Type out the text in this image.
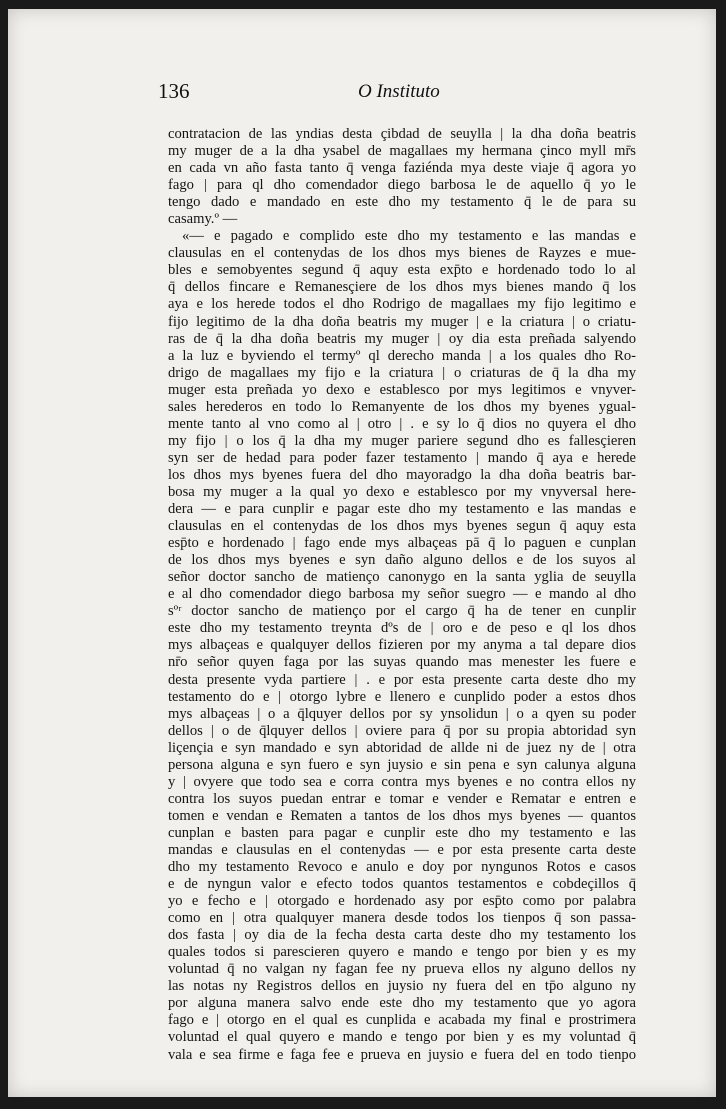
136	O Instituto
contratacion de las yndias desta çibdad de seuylla | la dha doña beatris
my muger de a la dha ysabel de magallaes my hermana çinco myll mr̄s
en cada vn año fasta tanto q̄ venga faziénda mya deste viaje q̄ agora yo
fago | para ql dho comendador diego barbosa le de aquello q̄ yo le
tengo dado e mandado en este dho my testamento q̄ le de para su
casamy.º —
«— e pagado e complido este dho my testamento e las mandas e
clausulas en el contenydas de los dhos mys bienes de Rayzes e mue-
bles e semobyentes segund q̄ aquy esta exp̄to e hordenado todo lo al
q̄ dellos fincare e Remanesçiere de los dhos mys bienes mando q̄ los
aya e los herede todos el dho Rodrigo de magallaes my fijo legitimo e
fijo legitimo de la dha doña beatris my muger | e la criatura | o criatu-
ras de q̄ la dha doña beatris my muger | oy dia esta preñada salyendo
a la luz e byviendo el termyº ql derecho manda | a los quales dho Ro-
drigo de magallaes my fijo e la criatura | o criaturas de q̄ la dha my
muger esta preñada yo dexo e establesco por mys legitimos e vnyver-
sales herederos en todo lo Remanyente de los dhos my byenes ygual-
mente tanto al vno como al | otro | . e sy lo q̄ dios no quyera el dho
my fijo | o los q̄ la dha my muger pariere segund dho es fallesçieren
syn ser de hedad para poder fazer testamento | mando q̄ aya e herede
los dhos mys byenes fuera del dho mayoradgo la dha doña beatris bar-
bosa my muger a la qual yo dexo e establesco por my vnyversal here-
dera — e para cunplir e pagar este dho my testamento e las mandas e
clausulas en el contenydas de los dhos mys byenes segun q̄ aquy esta
esp̄to e hordenado | fago ende mys albaçeas pā q̄ lo paguen e cunplan
de los dhos mys byenes e syn daño alguno dellos e de los suyos al
señor doctor sancho de matienço canonygo en la santa yglia de seuylla
e al dho comendador diego barbosa my señor suegro — e mando al dho
sºʳ doctor sancho de matienço por el cargo q̄ ha de tener en cunplir
este dho my testamento treynta dºs de | oro e de peso e ql los dhos
mys albaçeas e qualquyer dellos fizieren por my anyma a tal depare dios
nr̄o señor quyen faga por las suyas quando mas menester les fuere e
desta presente vyda partiere | . e por esta presente carta deste dho my
testamento do e | otorgo lybre e llenero e cunplido poder a estos dhos
mys albaçeas | o a q̄lquyer dellos por sy ynsolidun | o a qyen su poder
dellos | o de q̄lquyer dellos | oviere para q̄ por su propia abtoridad syn
liçençia e syn mandado e syn abtoridad de allde ni de juez ny de | otra
persona alguna e syn fuero e syn juysio e sin pena e syn calunya alguna
y | ovyere que todo sea e corra contra mys byenes e no contra ellos ny
contra los suyos puedan entrar e tomar e vender e Rematar e entren e
tomen e vendan e Rematen a tantos de los dhos mys byenes — quantos
cunplan e basten para pagar e cunplir este dho my testamento e las
mandas e clausulas en el contenydas — e por esta presente carta deste
dho my testamento Revoco e anulo e doy por nyngunos Rotos e casos
e de nyngun valor e efecto todos quantos testamentos e cobdeçillos q̄
yo e fecho e | otorgado e hordenado asy por esp̄to como por palabra
como en | otra qualquyer manera desde todos los tienpos q̄ son passa-
dos fasta | oy dia de la fecha desta carta deste dho my testamento los
quales todos si parescieren quyero e mando e tengo por bien y es my
voluntad q̄ no valgan ny fagan fee ny prueva ellos ny alguno dellos ny
las notas ny Registros dellos en juysio ny fuera del en tp̄o alguno ny
por alguna manera salvo ende este dho my testamento que yo agora
fago e | otorgo en el qual es cunplida e acabada my final e prostrimera
voluntad el qual quyero e mando e tengo por bien y es my voluntad q̄
vala e sea firme e faga fee e prueva en juysio e fuera del en todo tienpo
